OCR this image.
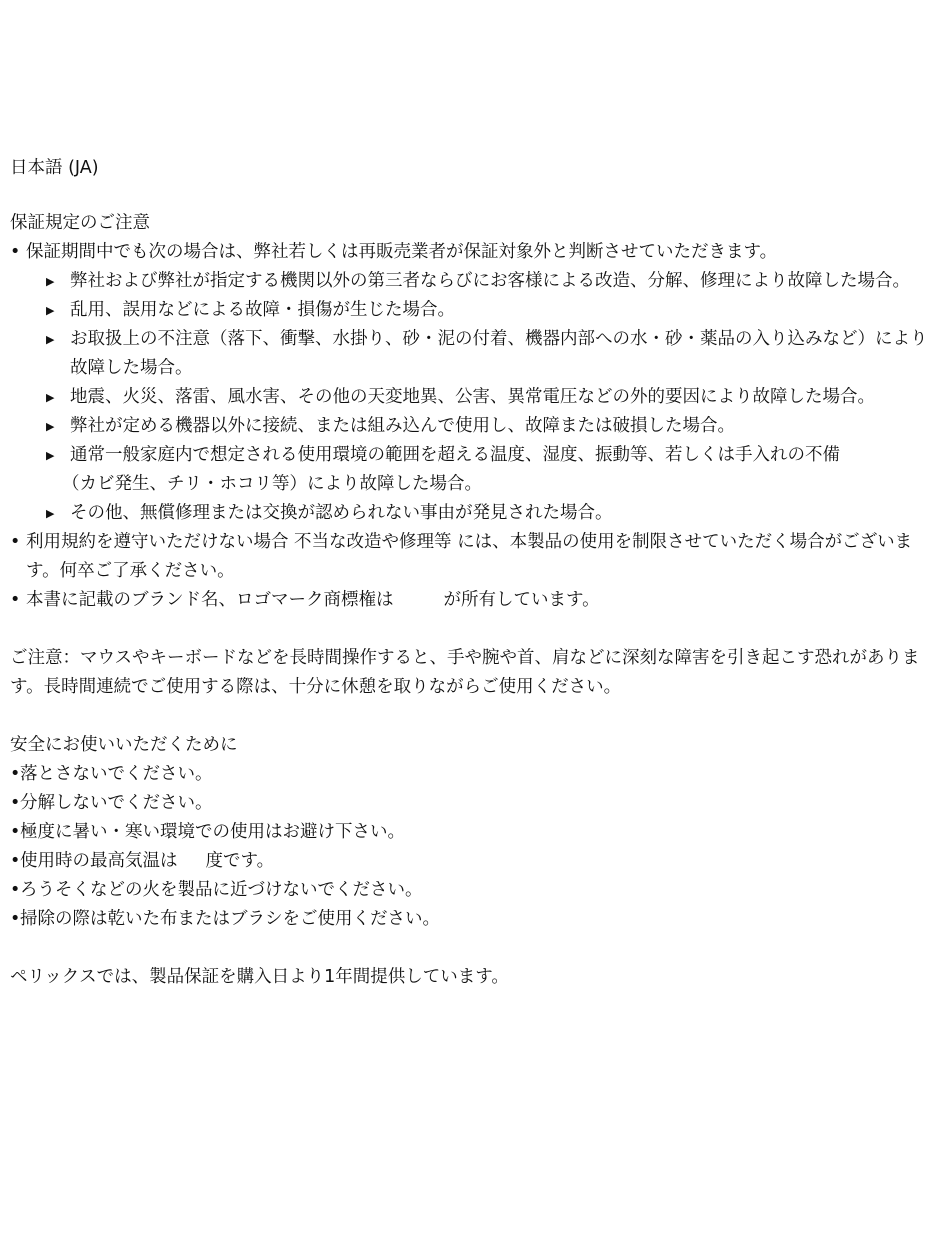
日本語 (JA)

保証規定のご注意

• 保証期間中でも次の場合は、弊社若しくは再販売業者が保証対象外と判断させていただきます。
▶ 弊社および弊社が指定する機関以外の第三者ならびにお客様による改造、分解、修理により故障した場合。
▶ 乱用、誤用などによる故障・損傷が生じた場合。
▶ お取扱上の不注意（落下、衝撃、水掛り、砂・泥の付着、機器内部への水・砂・薬品の入り込みなど）により故障した場合。
▶ 地震、火災、落雷、風水害、その他の天変地異、公害、異常電圧などの外的要因により故障した場合。
▶ 弊社が定める機器以外に接続、または組み込んで使用し、故障または破損した場合。
▶ 通常一般家庭内で想定される使用環境の範囲を超える温度、湿度、振動等、若しくは手入れの不備
（カビ発生、チリ・ホコリ等）により故障した場合。
▶ その他、無償修理または交換が認められない事由が発見された場合。
• 利用規約を遵守いただけない場合 不当な改造や修理等 には、本製品の使用を制限させていただく場合がございます。何卒ご了承ください。
• 本書に記載のブランド名、ロゴマーク商標権は	が所有しています。

ご注意：マウスやキーボードなどを長時間操作すると、手や腕や首、肩などに深刻な障害を引き起こす恐れがあります。長時間連続でご使用する際は、十分に休憩を取りながらご使用ください。

安全にお使いいただくために

• 落とさないでください。
• 分解しないでください。
• 極度に暑い・寒い環境での使用はお避け下さい。
• 使用時の最高気温は 度です。
• ろうそくなどの火を製品に近づけないでください。
• 掃除の際は乾いた布またはブラシをご使用ください。

ペリックスでは、製品保証を購入日より1年間提供しています。
